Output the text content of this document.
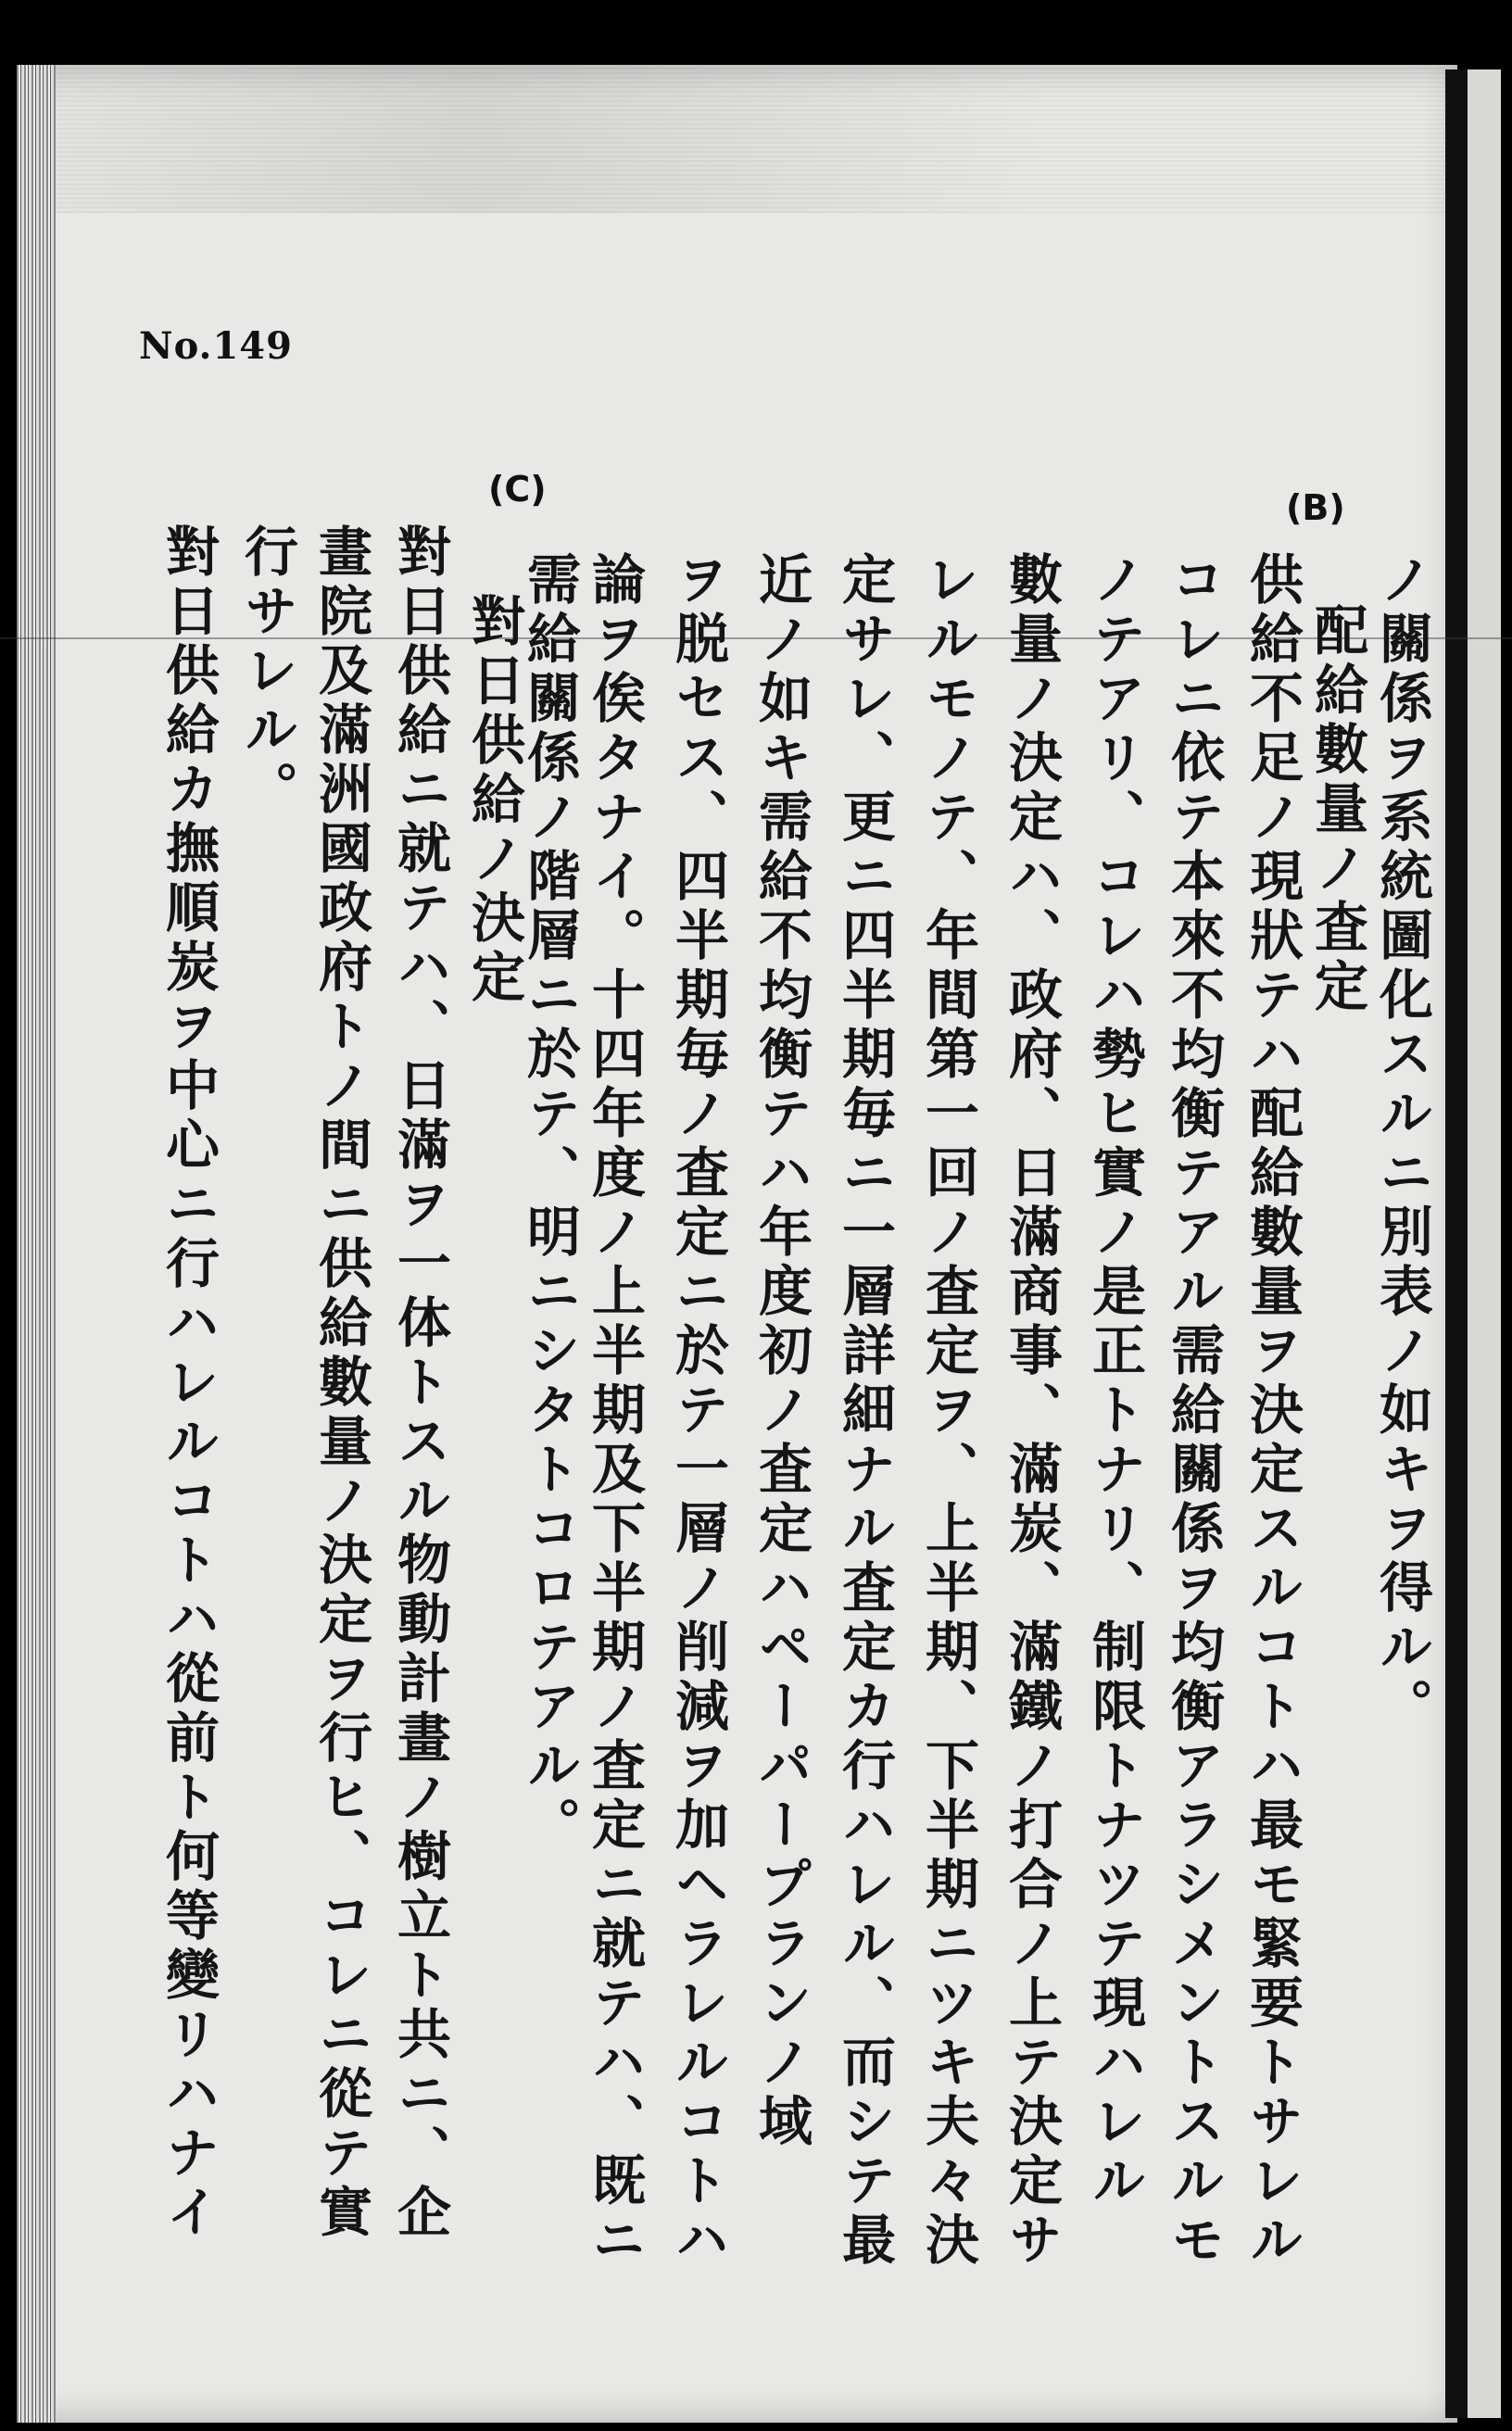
No.149
(B)
(C)
ノ關係ヲ系統圖化スルニ別表ノ如キヲ得ル。
配給數量ノ査定
供給不足ノ現狀テハ配給數量ヲ決定スルコトハ最モ緊要トサレル
コレニ依テ本來不均衡テアル需給關係ヲ均衡アラシメントスルモ
ノテアリ、コレハ勢ヒ實ノ是正トナリ、制限トナツテ現ハレル
數量ノ決定ハ、政府、日滿商事、滿炭、滿鐵ノ打合ノ上テ決定サ
レルモノテ、年間第一回ノ査定ヲ、上半期、下半期ニツキ夫々決
定サレ、更ニ四半期毎ニ一層詳細ナル査定カ行ハレル、而シテ最
近ノ如キ需給不均衡テハ年度初ノ査定ハペーパープランノ域
ヲ脱セス、四半期毎ノ査定ニ於テ一層ノ削減ヲ加ヘラレルコトハ
論ヲ俟タナイ。十四年度ノ上半期及下半期ノ査定ニ就テハ、既ニ
需給關係ノ階層ニ於テ、明ニシタトコロテアル。
對日供給ノ決定
對日供給ニ就テハ、日滿ヲ一体トスル物動計畫ノ樹立ト共ニ、企
畫院及滿洲國政府トノ間ニ供給數量ノ決定ヲ行ヒ、コレニ從テ實
行サレル。
對日供給カ撫順炭ヲ中心ニ行ハレルコトハ從前ト何等變リハナイ
